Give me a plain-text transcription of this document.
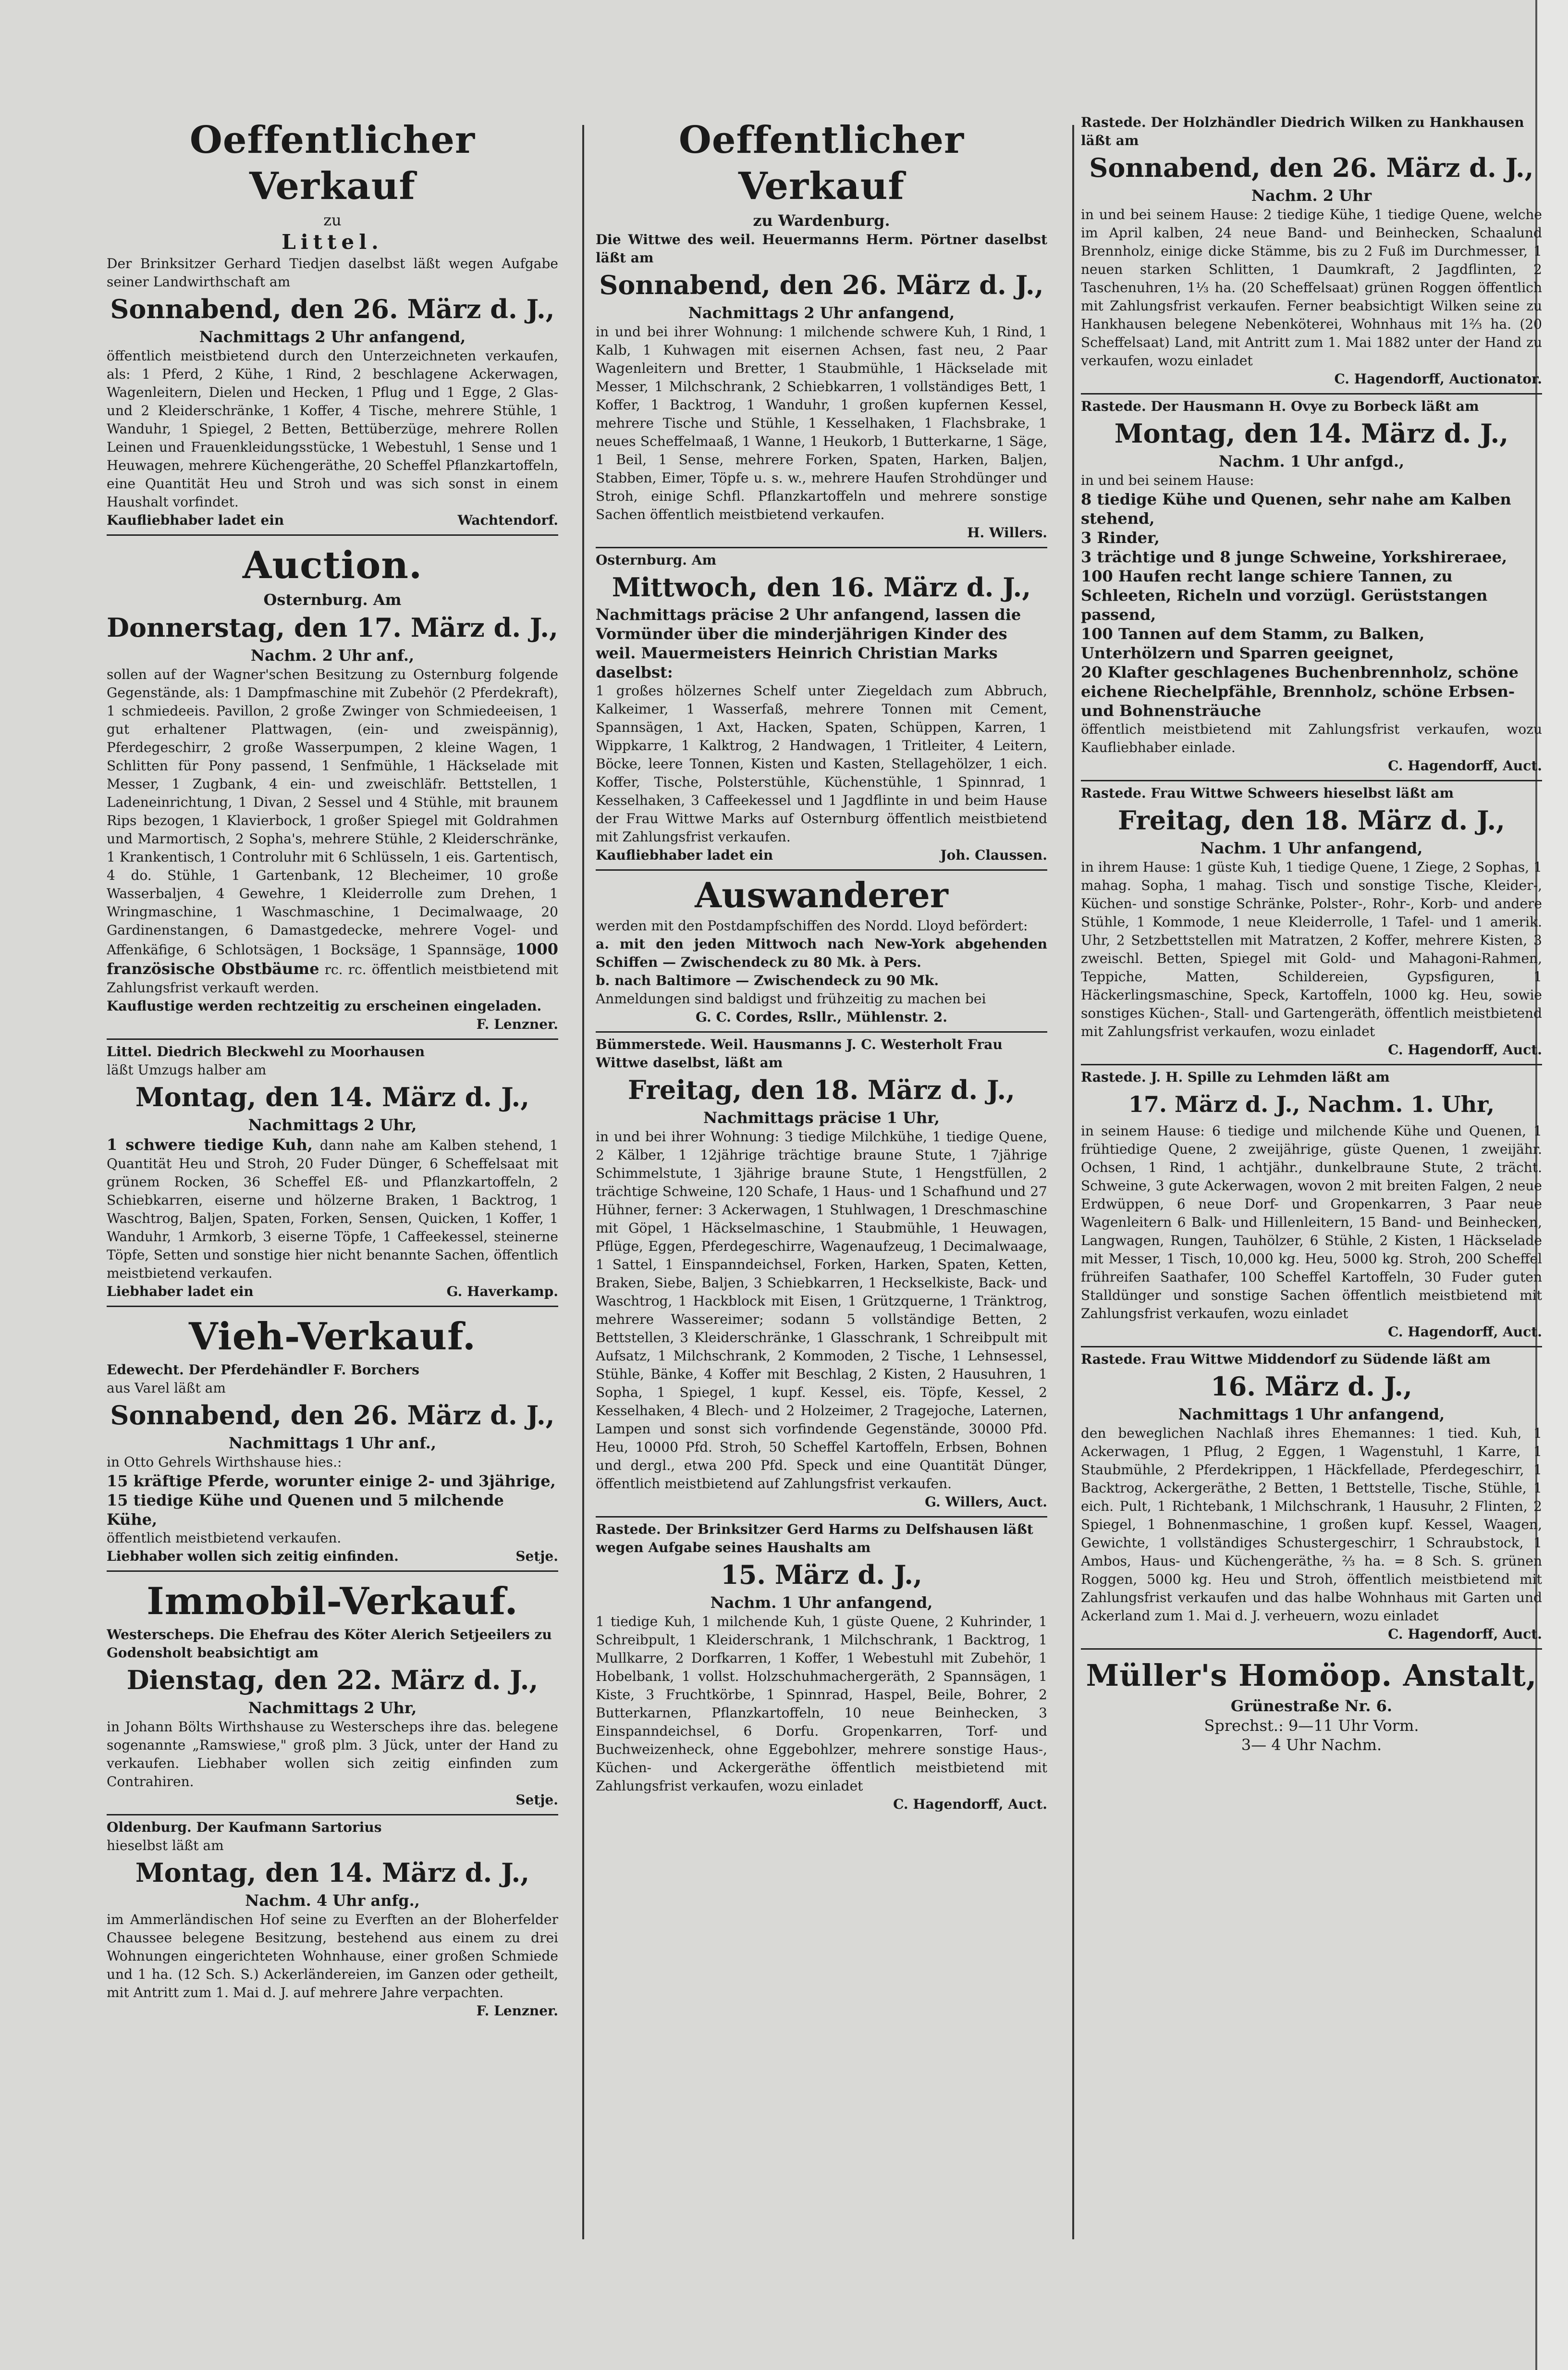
Oeffentlicher Verkauf
zu
Littel.
Der Brinksitzer Gerhard Tiedjen daselbst läßt wegen Aufgabe seiner Landwirthschaft am
Sonnabend, den 26. März d. J.,
Nachmittags 2 Uhr anfangend,
öffentlich meistbietend durch den Unterzeichneten verkaufen, als: 1 Pferd, 2 Kühe, 1 Rind, 2 beschlagene Ackerwagen, Wagenleitern, Dielen und Hecken, 1 Pflug und 1 Egge, 2 Glas- und 2 Kleiderschränke, 1 Koffer, 4 Tische, mehrere Stühle, 1 Wanduhr, 1 Spiegel, 2 Betten, Bettüberzüge, mehrere Rollen Leinen und Frauenkleidungsstücke, 1 Webestuhl, 1 Sense und 1 Heuwagen, mehrere Küchengeräthe, 20 Scheffel Pflanzkartoffeln, eine Quantität Heu und Stroh und was sich sonst in einem Haushalt vorfindet.
Kaufliebhaber ladet ein	Wachtendorf.
Auction.
Osternburg. Am
Donnerstag, den 17. März d. J.,
Nachm. 2 Uhr anf.,
sollen auf der Wagner'schen Besitzung zu Osternburg folgende Gegenstände, als: 1 Dampfmaschine mit Zubehör (2 Pferdekraft), 1 schmiedeeis. Pavillon, 2 große Zwinger von Schmiedeeisen, 1 gut erhaltener Plattwagen, (ein- und zweispännig), Pferdegeschirr, 2 große Wasserpumpen, 2 kleine Wagen, 1 Schlitten für Pony passend, 1 Senfmühle, 1 Häckselade mit Messer, 1 Zugbank, 4 ein- und zweischläfr. Bettstellen, 1 Ladeneinrichtung, 1 Divan, 2 Sessel und 4 Stühle, mit braunem Rips bezogen, 1 Klavierbock, 1 großer Spiegel mit Goldrahmen und Marmortisch, 2 Sopha's, mehrere Stühle, 2 Kleiderschränke, 1 Krankentisch, 1 Controluhr mit 6 Schlüsseln, 1 eis. Gartentisch, 4 do. Stühle, 1 Gartenbank, 12 Blecheimer, 10 große Wasserbaljen, 4 Gewehre, 1 Kleiderrolle zum Drehen, 1 Wringmaschine, 1 Waschmaschine, 1 Decimalwaage, 20 Gardinenstangen, 6 Damastgedecke, mehrere Vogel- und Affenkäfige, 6 Schlotsägen, 1 Bocksäge, 1 Spannsäge, 1000 französische Obstbäume rc. rc. öffentlich meistbietend mit Zahlungsfrist verkauft werden.
Kauflustige werden rechtzeitig zu erscheinen eingeladen.
F. Lenzner.
Littel. Diedrich Bleckwehl zu Moorhausen
läßt Umzugs halber am
Montag, den 14. März d. J.,
Nachmittags 2 Uhr,
1 schwere tiedige Kuh, dann nahe am Kalben stehend, 1 Quantität Heu und Stroh, 20 Fuder Dünger, 6 Scheffelsaat mit grünem Rocken, 36 Scheffel Eß- und Pflanzkartoffeln, 2 Schiebkarren, eiserne und hölzerne Braken, 1 Backtrog, 1 Waschtrog, Baljen, Spaten, Forken, Sensen, Quicken, 1 Koffer, 1 Wanduhr, 1 Armkorb, 3 eiserne Töpfe, 1 Caffeekessel, steinerne Töpfe, Setten und sonstige hier nicht benannte Sachen, öffentlich meistbietend verkaufen.
Liebhaber ladet ein	G. Haverkamp.
Vieh-Verkauf.
Edewecht. Der Pferdehändler F. Borchers
aus Varel läßt am
Sonnabend, den 26. März d. J.,
Nachmittags 1 Uhr anf.,
in Otto Gehrels Wirthshause hies.:
15 kräftige Pferde, worunter einige 2- und 3jährige,
15 tiedige Kühe und Quenen und 5 milchende Kühe,
öffentlich meistbietend verkaufen.
Liebhaber wollen sich zeitig einfinden.	Setje.
Immobil-Verkauf.
Westerscheps. Die Ehefrau des Köter Alerich Setjeeilers zu Godensholt beabsichtigt am
Dienstag, den 22. März d. J.,
Nachmittags 2 Uhr,
in Johann Bölts Wirthshause zu Westerscheps ihre das. belegene sogenannte „Ramswiese," groß plm. 3 Jück, unter der Hand zu verkaufen. Liebhaber wollen sich zeitig einfinden zum Contrahiren.
Setje.
Oldenburg. Der Kaufmann Sartorius
hieselbst läßt am
Montag, den 14. März d. J.,
Nachm. 4 Uhr anfg.,
im Ammerländischen Hof seine zu Everften an der Bloherfelder Chaussee belegene Besitzung, bestehend aus einem zu drei Wohnungen eingerichteten Wohnhause, einer großen Schmiede und 1 ha. (12 Sch. S.) Ackerländereien, im Ganzen oder getheilt, mit Antritt zum 1. Mai d. J. auf mehrere Jahre verpachten.
F. Lenzner.
Oeffentlicher Verkauf
zu Wardenburg.
Die Wittwe des weil. Heuermanns Herm. Pörtner daselbst läßt am
Sonnabend, den 26. März d. J.,
Nachmittags 2 Uhr anfangend,
in und bei ihrer Wohnung: 1 milchende schwere Kuh, 1 Rind, 1 Kalb, 1 Kuhwagen mit eisernen Achsen, fast neu, 2 Paar Wagenleitern und Bretter, 1 Staubmühle, 1 Häckselade mit Messer, 1 Milchschrank, 2 Schiebkarren, 1 vollständiges Bett, 1 Koffer, 1 Backtrog, 1 Wanduhr, 1 großen kupfernen Kessel, mehrere Tische und Stühle, 1 Kesselhaken, 1 Flachsbrake, 1 neues Scheffelmaaß, 1 Wanne, 1 Heukorb, 1 Butterkarne, 1 Säge, 1 Beil, 1 Sense, mehrere Forken, Spaten, Harken, Baljen, Stabben, Eimer, Töpfe u. s. w., mehrere Haufen Strohdünger und Stroh, einige Schfl. Pflanzkartoffeln und mehrere sonstige Sachen öffentlich meistbietend verkaufen.
H. Willers.
Osternburg. Am
Mittwoch, den 16. März d. J.,
Nachmittags präcise 2 Uhr anfangend, lassen die Vormünder über die minderjährigen Kinder des weil. Mauermeisters Heinrich Christian Marks daselbst:
1 großes hölzernes Schelf unter Ziegeldach zum Abbruch, Kalkeimer, 1 Wasserfaß, mehrere Tonnen mit Cement, Spannsägen, 1 Axt, Hacken, Spaten, Schüppen, Karren, 1 Wippkarre, 1 Kalktrog, 2 Handwagen, 1 Tritleiter, 4 Leitern, Böcke, leere Tonnen, Kisten und Kasten, Stellagehölzer, 1 eich. Koffer, Tische, Polsterstühle, Küchenstühle, 1 Spinnrad, 1 Kesselhaken, 3 Caffeekessel und 1 Jagdflinte in und beim Hause der Frau Wittwe Marks auf Osternburg öffentlich meistbietend mit Zahlungsfrist verkaufen.
Kaufliebhaber ladet ein	Joh. Claussen.
Auswanderer
werden mit den Postdampfschiffen des Nordd. Lloyd befördert:
a. mit den jeden Mittwoch nach New-York abgehenden Schiffen — Zwischendeck zu 80 Mk. à Pers.
b. nach Baltimore — Zwischendeck zu 90 Mk.
Anmeldungen sind baldigst und frühzeitig zu machen bei
G. C. Cordes, Rsllr., Mühlenstr. 2.
Bümmerstede. Weil. Hausmanns J. C. Westerholt Frau Wittwe daselbst, läßt am
Freitag, den 18. März d. J.,
Nachmittags präcise 1 Uhr,
in und bei ihrer Wohnung: 3 tiedige Milchkühe, 1 tiedige Quene, 2 Kälber, 1 12jährige trächtige braune Stute, 1 7jährige Schimmelstute, 1 3jährige braune Stute, 1 Hengstfüllen, 2 trächtige Schweine, 120 Schafe, 1 Haus- und 1 Schafhund und 27 Hühner, ferner: 3 Ackerwagen, 1 Stuhlwagen, 1 Dreschmaschine mit Göpel, 1 Häckselmaschine, 1 Staubmühle, 1 Heuwagen, Pflüge, Eggen, Pferdegeschirre, Wagenaufzeug, 1 Decimalwaage, 1 Sattel, 1 Einspanndeichsel, Forken, Harken, Spaten, Ketten, Braken, Siebe, Baljen, 3 Schiebkarren, 1 Heckselkiste, Back- und Waschtrog, 1 Hackblock mit Eisen, 1 Grützquerne, 1 Tränktrog, mehrere Wassereimer; sodann 5 vollständige Betten, 2 Bettstellen, 3 Kleiderschränke, 1 Glasschrank, 1 Schreibpult mit Aufsatz, 1 Milchschrank, 2 Kommoden, 2 Tische, 1 Lehnsessel, Stühle, Bänke, 4 Koffer mit Beschlag, 2 Kisten, 2 Hausuhren, 1 Sopha, 1 Spiegel, 1 kupf. Kessel, eis. Töpfe, Kessel, 2 Kesselhaken, 4 Blech- und 2 Holzeimer, 2 Tragejoche, Laternen, Lampen und sonst sich vorfindende Gegenstände, 30000 Pfd. Heu, 10000 Pfd. Stroh, 50 Scheffel Kartoffeln, Erbsen, Bohnen und dergl., etwa 200 Pfd. Speck und eine Quantität Dünger, öffentlich meistbietend auf Zahlungsfrist verkaufen.
G. Willers, Auct.
Rastede. Der Brinksitzer Gerd Harms zu Delfshausen läßt wegen Aufgabe seines Haushalts am
15. März d. J.,
Nachm. 1 Uhr anfangend,
1 tiedige Kuh, 1 milchende Kuh, 1 güste Quene, 2 Kuhrinder, 1 Schreibpult, 1 Kleiderschrank, 1 Milchschrank, 1 Backtrog, 1 Mullkarre, 2 Dorfkarren, 1 Koffer, 1 Webestuhl mit Zubehör, 1 Hobelbank, 1 vollst. Holzschuhmachergeräth, 2 Spannsägen, 1 Kiste, 3 Fruchtkörbe, 1 Spinnrad, Haspel, Beile, Bohrer, 2 Butterkarnen, Pflanzkartoffeln, 10 neue Beinhecken, 3 Einspanndeichsel, 6 Dorfu. Gropenkarren, Torf- und Buchweizenheck, ohne Eggebohlzer, mehrere sonstige Haus-, Küchen- und Ackergeräthe öffentlich meistbietend mit Zahlungsfrist verkaufen, wozu einladet
C. Hagendorff, Auct.
Rastede. Der Holzhändler Diedrich Wilken zu Hankhausen läßt am
Sonnabend, den 26. März d. J.,
Nachm. 2 Uhr
in und bei seinem Hause: 2 tiedige Kühe, 1 tiedige Quene, welche im April kalben, 24 neue Band- und Beinhecken, Schaalund Brennholz, einige dicke Stämme, bis zu 2 Fuß im Durchmesser, 1 neuen starken Schlitten, 1 Daumkraft, 2 Jagdflinten, 2 Taschenuhren, 1⅓ ha. (20 Scheffelsaat) grünen Roggen öffentlich mit Zahlungsfrist verkaufen. Ferner beabsichtigt Wilken seine zu Hankhausen belegene Nebenköterei, Wohnhaus mit 1⅔ ha. (20 Scheffelsaat) Land, mit Antritt zum 1. Mai 1882 unter der Hand zu verkaufen, wozu einladet
C. Hagendorff, Auctionator.
Rastede. Der Hausmann H. Ovye zu Borbeck läßt am
Montag, den 14. März d. J.,
Nachm. 1 Uhr anfgd.,
in und bei seinem Hause:
8 tiedige Kühe und Quenen, sehr nahe am Kalben stehend,
3 Rinder,
3 trächtige und 8 junge Schweine, Yorkshireraee,
100 Haufen recht lange schiere Tannen, zu Schleeten, Richeln und vorzügl. Gerüststangen passend,
100 Tannen auf dem Stamm, zu Balken, Unterhölzern und Sparren geeignet,
20 Klafter geschlagenes Buchenbrennholz, schöne eichene Riechelpfähle, Brennholz, schöne Erbsen- und Bohnensträuche
öffentlich meistbietend mit Zahlungsfrist verkaufen, wozu Kaufliebhaber einlade.
C. Hagendorff, Auct.
Rastede. Frau Wittwe Schweers hieselbst läßt am
Freitag, den 18. März d. J.,
Nachm. 1 Uhr anfangend,
in ihrem Hause: 1 güste Kuh, 1 tiedige Quene, 1 Ziege, 2 Sophas, 1 mahag. Sopha, 1 mahag. Tisch und sonstige Tische, Kleider-, Küchen- und sonstige Schränke, Polster-, Rohr-, Korb- und andere Stühle, 1 Kommode, 1 neue Kleiderrolle, 1 Tafel- und 1 amerik. Uhr, 2 Setzbettstellen mit Matratzen, 2 Koffer, mehrere Kisten, 3 zweischl. Betten, Spiegel mit Gold- und Mahagoni-Rahmen, Teppiche, Matten, Schildereien, Gypsfiguren, 1 Häckerlingsmaschine, Speck, Kartoffeln, 1000 kg. Heu, sowie sonstiges Küchen-, Stall- und Gartengeräth, öffentlich meistbietend mit Zahlungsfrist verkaufen, wozu einladet
C. Hagendorff, Auct.
Rastede. J. H. Spille zu Lehmden läßt am
17. März d. J., Nachm. 1. Uhr,
in seinem Hause: 6 tiedige und milchende Kühe und Quenen, 1 frühtiedige Quene, 2 zweijährige, güste Quenen, 1 zweijähr. Ochsen, 1 Rind, 1 achtjähr., dunkelbraune Stute, 2 trächt. Schweine, 3 gute Ackerwagen, wovon 2 mit breiten Falgen, 2 neue Erdwüppen, 6 neue Dorf- und Gropenkarren, 3 Paar neue Wagenleitern 6 Balk- und Hillenleitern, 15 Band- und Beinhecken, Langwagen, Rungen, Tauhölzer, 6 Stühle, 2 Kisten, 1 Häckselade mit Messer, 1 Tisch, 10,000 kg. Heu, 5000 kg. Stroh, 200 Scheffel frühreifen Saathafer, 100 Scheffel Kartoffeln, 30 Fuder guten Stalldünger und sonstige Sachen öffentlich meistbietend mit Zahlungsfrist verkaufen, wozu einladet
C. Hagendorff, Auct.
Rastede. Frau Wittwe Middendorf zu Südende läßt am
16. März d. J.,
Nachmittags 1 Uhr anfangend,
den beweglichen Nachlaß ihres Ehemannes: 1 tied. Kuh, 1 Ackerwagen, 1 Pflug, 2 Eggen, 1 Wagenstuhl, 1 Karre, 1 Staubmühle, 2 Pferdekrippen, 1 Häckfellade, Pferdegeschirr, 1 Backtrog, Ackergeräthe, 2 Betten, 1 Bettstelle, Tische, Stühle, 1 eich. Pult, 1 Richtebank, 1 Milchschrank, 1 Hausuhr, 2 Flinten, 2 Spiegel, 1 Bohnenmaschine, 1 großen kupf. Kessel, Waagen, Gewichte, 1 vollständiges Schustergeschirr, 1 Schraubstock, 1 Ambos, Haus- und Küchengeräthe, ⅔ ha. = 8 Sch. S. grünen Roggen, 5000 kg. Heu und Stroh, öffentlich meistbietend mit Zahlungsfrist verkaufen und das halbe Wohnhaus mit Garten und Ackerland zum 1. Mai d. J. verheuern, wozu einladet
C. Hagendorff, Auct.
Müller's Homöop. Anstalt,
Grünestraße Nr. 6.
Sprechst.: 9—11 Uhr Vorm.
3— 4 Uhr Nachm.
